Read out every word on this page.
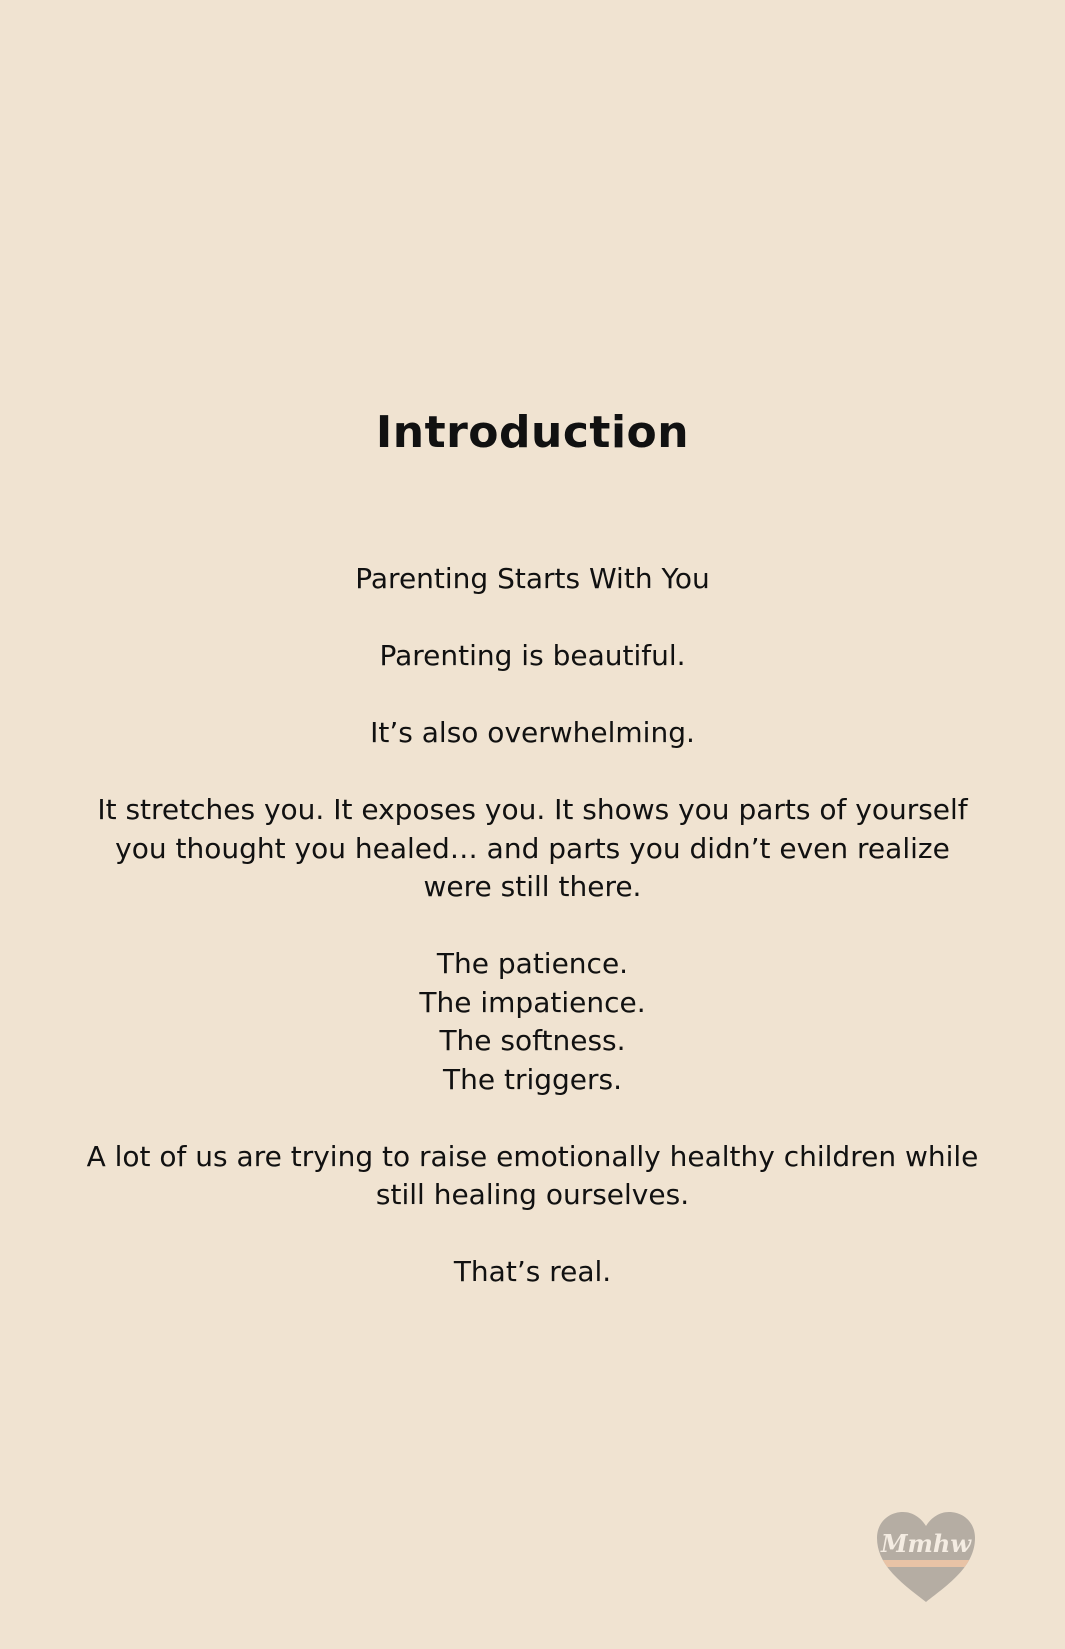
Introduction

Parenting Starts With You

Parenting is beautiful.

It’s also overwhelming.

It stretches you. It exposes you. It shows you parts of yourself you thought you healed… and parts you didn’t even realize were still there.

The patience.

The impatience.

The softness.

The triggers.

A lot of us are trying to raise emotionally healthy children while still healing ourselves.

That’s real.

Mmhw
